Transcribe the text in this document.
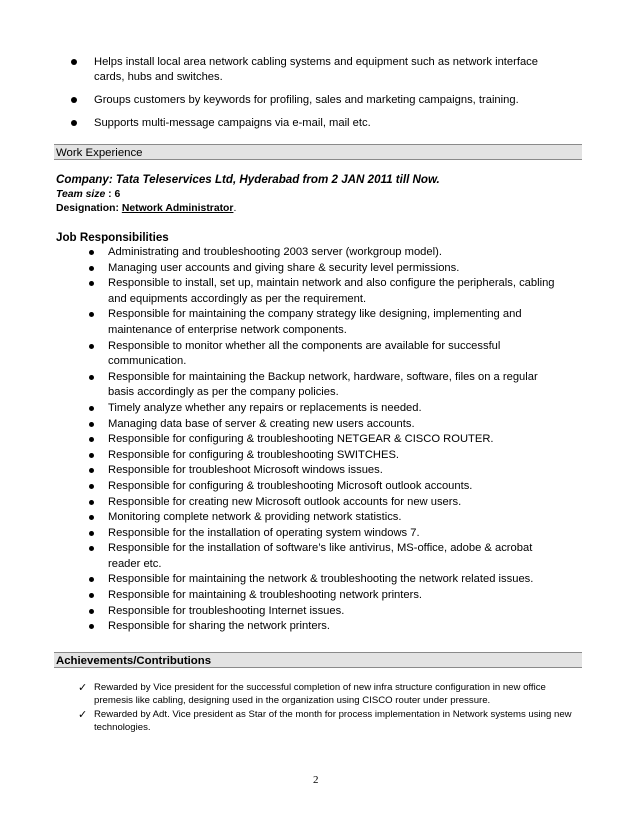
Helps install local area network cabling systems and equipment such as network interface cards, hubs and switches.
Groups customers by keywords for profiling, sales and marketing campaigns, training.
Supports multi-message campaigns via e-mail, mail etc.
Work Experience
Company: Tata Teleservices Ltd, Hyderabad from 2 JAN 2011 till Now.
Team size : 6
Designation: Network Administrator.
Job Responsibilities
Administrating and troubleshooting 2003 server (workgroup model).
Managing user accounts and giving share & security level permissions.
Responsible to install, set up, maintain network and also configure the peripherals, cabling and equipments accordingly as per the requirement.
Responsible for maintaining the company strategy like designing, implementing and maintenance of enterprise network components.
Responsible to monitor whether all the components are available for successful communication.
Responsible for maintaining the Backup network, hardware, software, files on a regular basis accordingly as per the company policies.
Timely analyze whether any repairs or replacements is needed.
Managing data base of server & creating new users accounts.
Responsible for configuring & troubleshooting NETGEAR & CISCO ROUTER.
Responsible for configuring & troubleshooting SWITCHES.
Responsible for troubleshoot Microsoft windows issues.
Responsible for configuring & troubleshooting Microsoft outlook accounts.
Responsible for creating new Microsoft outlook accounts for new users.
Monitoring complete network & providing network statistics.
Responsible for the installation of operating system windows 7.
Responsible for the installation of software’s like antivirus, MS-office, adobe & acrobat reader etc.
Responsible for maintaining the network & troubleshooting the network related issues.
Responsible for maintaining & troubleshooting network printers.
Responsible for troubleshooting Internet issues.
Responsible for sharing the network printers.
Achievements/Contributions
✓ Rewarded by Vice president for the successful completion of new infra structure configuration in new office premesis like cabling, designing used in the organization using CISCO router under pressure.
✓ Rewarded by Adt. Vice president as Star of the month for process implementation in Network systems using new technologies.
2
